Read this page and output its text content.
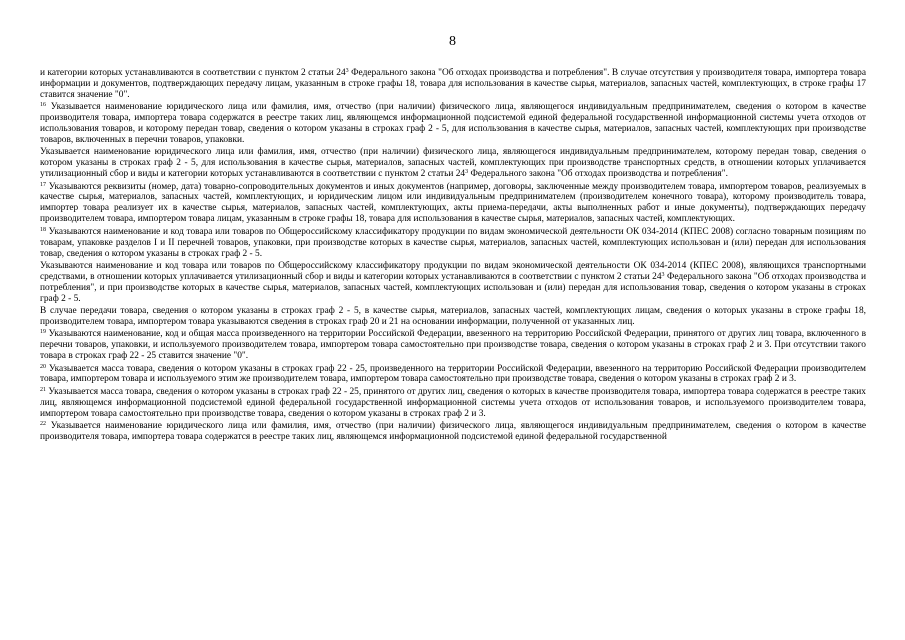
8

и категории которых устанавливаются в соответствии с пунктом 2 статьи $24^3$ Федерального закона "Об отходах производства и потребления". В случае отсутствия у производителя товара, импортера товара информации и документов, подтверждающих передачу лицам, указанным в строке графы 18, товара для использования в качестве сырья, материалов, запасных частей, комплектующих, в строке графы 17 ставится значение "0".

$^{16}$ Указывается наименование юридического лица или фамилия, имя, отчество (при наличии) физического лица, являющегося индивидуальным предпринимателем, сведения о котором в качестве производителя товара, импортера товара содержатся в реестре таких лиц, являющемся информационной подсистемой единой федеральной государственной информационной системы учета отходов от использования товаров, и которому передан товар, сведения о котором указаны в строках граф 2 - 5, для использования в качестве сырья, материалов, запасных частей, комплектующих при производстве товаров, включенных в перечни товаров, упаковки.

Указывается наименование юридического лица или фамилия, имя, отчество (при наличии) физического лица, являющегося индивидуальным предпринимателем, которому передан товар, сведения о котором указаны в строках граф 2 - 5, для использования в качестве сырья, материалов, запасных частей, комплектующих при производстве транспортных средств, в отношении которых уплачивается утилизационный сбор и виды и категории которых устанавливаются в соответствии с пунктом 2 статьи $24^3$ Федерального закона "Об отходах производства и потребления".

$^{17}$ Указываются реквизиты (номер, дата) товарно-сопроводительных документов и иных документов (например, договоры, заключенные между производителем товара, импортером товаров, реализуемых в качестве сырья, материалов, запасных частей, комплектующих, и юридическим лицом или индивидуальным предпринимателем (производителем конечного товара), которому производитель товара, импортер товара реализует их в качестве сырья, материалов, запасных частей, комплектующих, акты приема-передачи, акты выполненных работ и иные документы), подтверждающих передачу производителем товара, импортером товара лицам, указанным в строке графы 18, товара для использования в качестве сырья, материалов, запасных частей, комплектующих.

$^{18}$ Указываются наименование и код товара или товаров по Общероссийскому классификатору продукции по видам экономической деятельности ОК 034-2014 (КПЕС 2008) согласно товарным позициям по товарам, упаковке разделов I и II перечней товаров, упаковки, при производстве которых в качестве сырья, материалов, запасных частей, комплектующих использован и (или) передан для использования товар, сведения о котором указаны в строках граф 2 - 5.

Указываются наименование и код товара или товаров по Общероссийскому классификатору продукции по видам экономической деятельности ОК 034-2014 (КПЕС 2008), являющихся транспортными средствами, в отношении которых уплачивается утилизационный сбор и виды и категории которых устанавливаются в соответствии с пунктом 2 статьи $24^3$ Федерального закона "Об отходах производства и потребления", и при производстве которых в качестве сырья, материалов, запасных частей, комплектующих использован и (или) передан для использования товар, сведения о котором указаны в строках граф 2 - 5.

В случае передачи товара, сведения о котором указаны в строках граф 2 - 5, в качестве сырья, материалов, запасных частей, комплектующих лицам, сведения о которых указаны в строке графы 18, производителем товара, импортером товара указываются сведения в строках граф 20 и 21 на основании информации, полученной от указанных лиц.

$^{19}$ Указываются наименование, код и общая масса произведенного на территории Российской Федерации, ввезенного на территорию Российской Федерации, принятого от других лиц товара, включенного в перечни товаров, упаковки, и используемого производителем товара, импортером товара самостоятельно при производстве товара, сведения о котором указаны в строках граф 2 и 3. При отсутствии такого товара в строках граф 22 - 25 ставится значение "0".

$^{20}$ Указывается масса товара, сведения о котором указаны в строках граф 22 - 25, произведенного на территории Российской Федерации, ввезенного на территорию Российской Федерации производителем товара, импортером товара и используемого этим же производителем товара, импортером товара самостоятельно при производстве товара, сведения о котором указаны в строках граф 2 и 3.

$^{21}$ Указывается масса товара, сведения о котором указаны в строках граф 22 - 25, принятого от других лиц, сведения о которых в качестве производителя товара, импортера товара содержатся в реестре таких лиц, являющемся информационной подсистемой единой федеральной государственной информационной системы учета отходов от использования товаров, и используемого производителем товара, импортером товара самостоятельно при производстве товара, сведения о котором указаны в строках граф 2 и 3.

$^{22}$ Указывается наименование юридического лица или фамилия, имя, отчество (при наличии) физического лица, являющегося индивидуальным предпринимателем, сведения о котором в качестве производителя товара, импортера товара содержатся в реестре таких лиц, являющемся информационной подсистемой единой федеральной государственной
